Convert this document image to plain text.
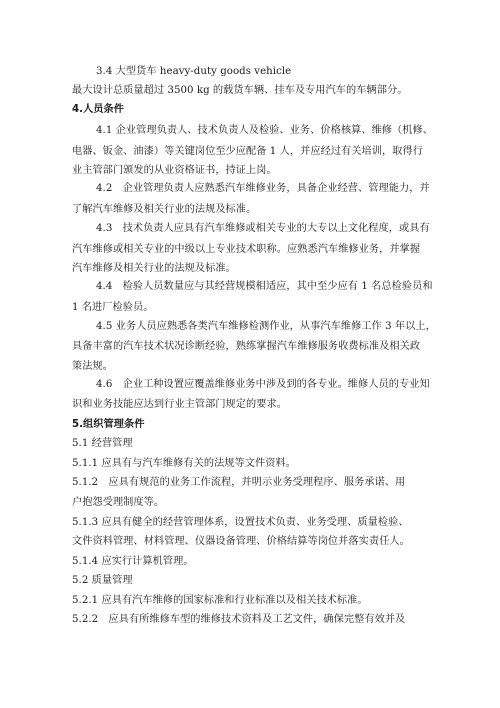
3.4 大型货车 heavy-duty goods vehicle
最大设计总质量超过 3500 kg 的载货车辆、挂车及专用汽车的车辆部分。
4.人员条件
4.1 企业管理负责人、技术负责人及检验、业务、价格核算、维修（机修、
电器、钣金、油漆）等关键岗位至少应配备 1 人，并应经过有关培训，取得行
业主管部门颁发的从业资格证书，持证上岗。
4.2　企业管理负责人应熟悉汽车维修业务，具备企业经营、管理能力，并
了解汽车维修及相关行业的法规及标准。
4.3　技术负责人应具有汽车维修或相关专业的大专以上文化程度，或具有
汽车维修或相关专业的中级以上专业技术职称。应熟悉汽车维修业务，并掌握
汽车维修及相关行业的法规及标准。
4.4　检验人员数量应与其经营规模相适应，其中至少应有 1 名总检验员和
1 名进厂检验员。
4.5 业务人员应熟悉各类汽车维修检测作业，从事汽车维修工作 3 年以上，
具备丰富的汽车技术状况诊断经验，熟练掌握汽车维修服务收费标准及相关政
策法规。
4.6　企业工种设置应覆盖维修业务中涉及到的各专业。维修人员的专业知
识和业务技能应达到行业主管部门规定的要求。
5.组织管理条件
5.1 经营管理
5.1.1 应具有与汽车维修有关的法规等文件资料。
5.1.2　应具有规范的业务工作流程，并明示业务受理程序、服务承诺、用
户抱怨受理制度等。
5.1.3 应具有健全的经营管理体系，设置技术负责、业务受理、质量检验、
文件资料管理、材料管理、仪器设备管理、价格结算等岗位并落实责任人。
5.1.4 应实行计算机管理。
5.2 质量管理
5.2.1 应具有汽车维修的国家标准和行业标准以及相关技术标准。
5.2.2　应具有所维修车型的维修技术资料及工艺文件，确保完整有效并及
